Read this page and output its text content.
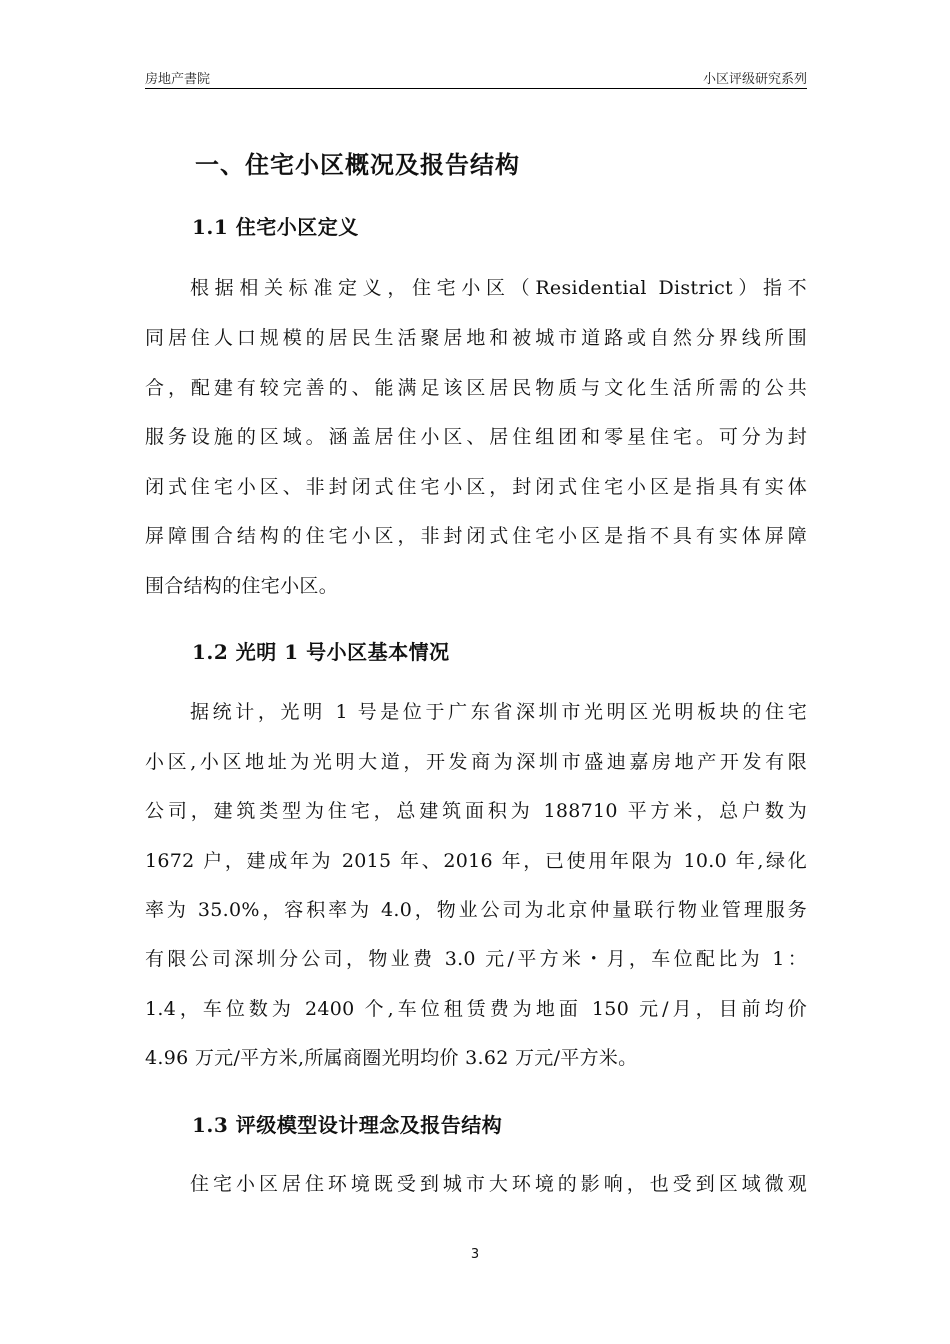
房地产書院	小区评级研究系列
一、住宅小区概况及报告结构
1.1 住宅小区定义
根据相关标准定义，住宅小区（Residential District）指不
同居住人口规模的居民生活聚居地和被城市道路或自然分界线所围
合，配建有较完善的、能满足该区居民物质与文化生活所需的公共
服务设施的区域。涵盖居住小区、居住组团和零星住宅。可分为封
闭式住宅小区、非封闭式住宅小区，封闭式住宅小区是指具有实体
屏障围合结构的住宅小区，非封闭式住宅小区是指不具有实体屏障
围合结构的住宅小区。
1.2 光明 1 号小区基本情况
据统计，光明 1 号是位于广东省深圳市光明区光明板块的住宅
小区,小区地址为光明大道，开发商为深圳市盛迪嘉房地产开发有限
公司，建筑类型为住宅，总建筑面积为 188710 平方米，总户数为
1672 户，建成年为 2015 年、2016 年，已使用年限为 10.0 年,绿化
率为 35.0%，容积率为 4.0，物业公司为北京仲量联行物业管理服务
有限公司深圳分公司，物业费 3.0 元/平方米・月，车位配比为 1：
1.4，车位数为 2400 个,车位租赁费为地面 150 元/月，目前均价
4.96 万元/平方米,所属商圈光明均价 3.62 万元/平方米。
1.3 评级模型设计理念及报告结构
住宅小区居住环境既受到城市大环境的影响，也受到区域微观
3
